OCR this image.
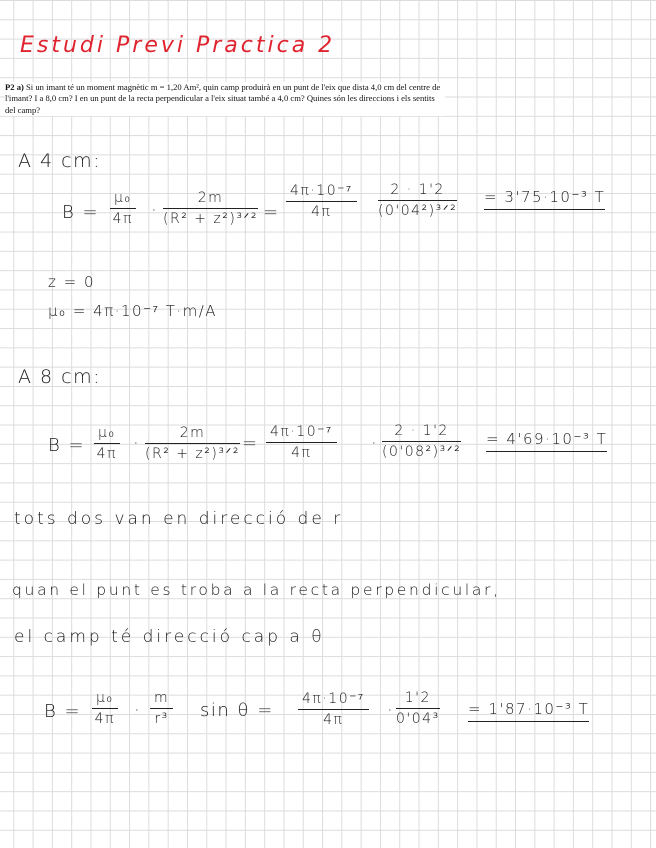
Estudi Previ Practica 2
P2 a) Si un imant té un moment magnètic m = 1,20 Am², quin camp produirà en un punt de l'eix que dista 4,0 cm del centre de l'imant? I a 8,0 cm? I en un punt de la recta perpendicular a l'eix situat també a 4,0 cm? Quines són les direccions i els sentits del camp?
A 4 cm:
$B = \frac{\text{μ₀}}{4\pi}$ ·
2m
(R² + z²)³ᐟ² = $\frac{\text{4π·10⁻⁷}}{4\pi}$	2 · 1'2
(0'04²)³ᐟ²
= 3'75·10⁻³ T
z = 0
μ₀ = 4π·10⁻⁷ T·m/A
A 8 cm:
$B = \frac{\text{μ₀}}{4\pi}$ ·	2m
(R² + z²)³ᐟ² = $\frac{\text{4π·10⁻⁷}}{4\pi}$ ·
2 · 1'2
(0'08²)³ᐟ²
= 4'69·10⁻³ T
tots dos van en direcció de r
quan el punt es troba a la recta perpendicular,
el camp té direcció cap a θ
$B = \frac{\text{μ₀}}{4\pi} \cdot \frac{m}{\text{r³}}$ $\sin \theta = \frac{\text{4π·10⁻⁷}}{4\pi} \cdot \frac{1'2}{\text{0'04³}} = 1'87\cdot 10^{-3}$ T
